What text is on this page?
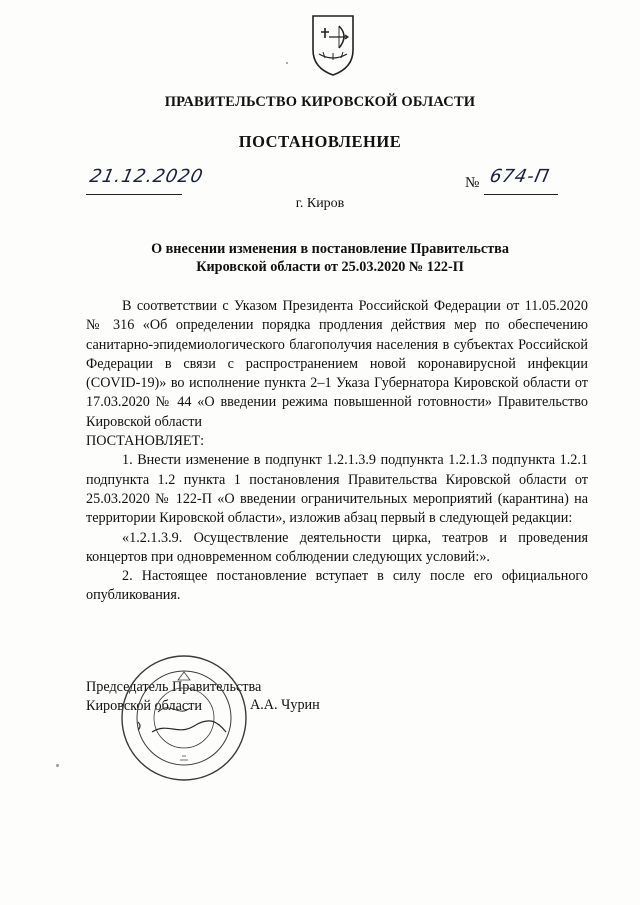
ПРАВИТЕЛЬСТВО КИРОВСКОЙ ОБЛАСТИ
ПОСТАНОВЛЕНИЕ
21.12.2020	№ 674-П
г. Киров
О внесении изменения в постановление Правительства
Кировской области от 25.03.2020 № 122-П

В соответствии с Указом Президента Российской Федерации от 11.05.2020 № 316 «Об определении порядка продления действия мер по обеспечению санитарно-эпидемиологического благополучия населения в субъектах Российской Федерации в связи с распространением новой коронавирусной инфекции (COVID-19)» во исполнение пункта 2–1 Указа Губернатора Кировской области от 17.03.2020 № 44 «О введении режима повышенной готовности» Правительство Кировской области

ПОСТАНОВЛЯЕТ:

1. Внести изменение в подпункт 1.2.1.3.9 подпункта 1.2.1.3 подпункта 1.2.1 подпункта 1.2 пункта 1 постановления Правительства Кировской области от 25.03.2020 № 122-П «О введении ограничительных мероприятий (карантина) на территории Кировской области», изложив абзац первый в следующей редакции:

«1.2.1.3.9. Осуществление деятельности цирка, театров и проведения концертов при одновременном соблюдении следующих условий:».

2. Настоящее постановление вступает в силу после его официального опубликования.

Председатель Правительства
Кировской области	А.А. Чурин
